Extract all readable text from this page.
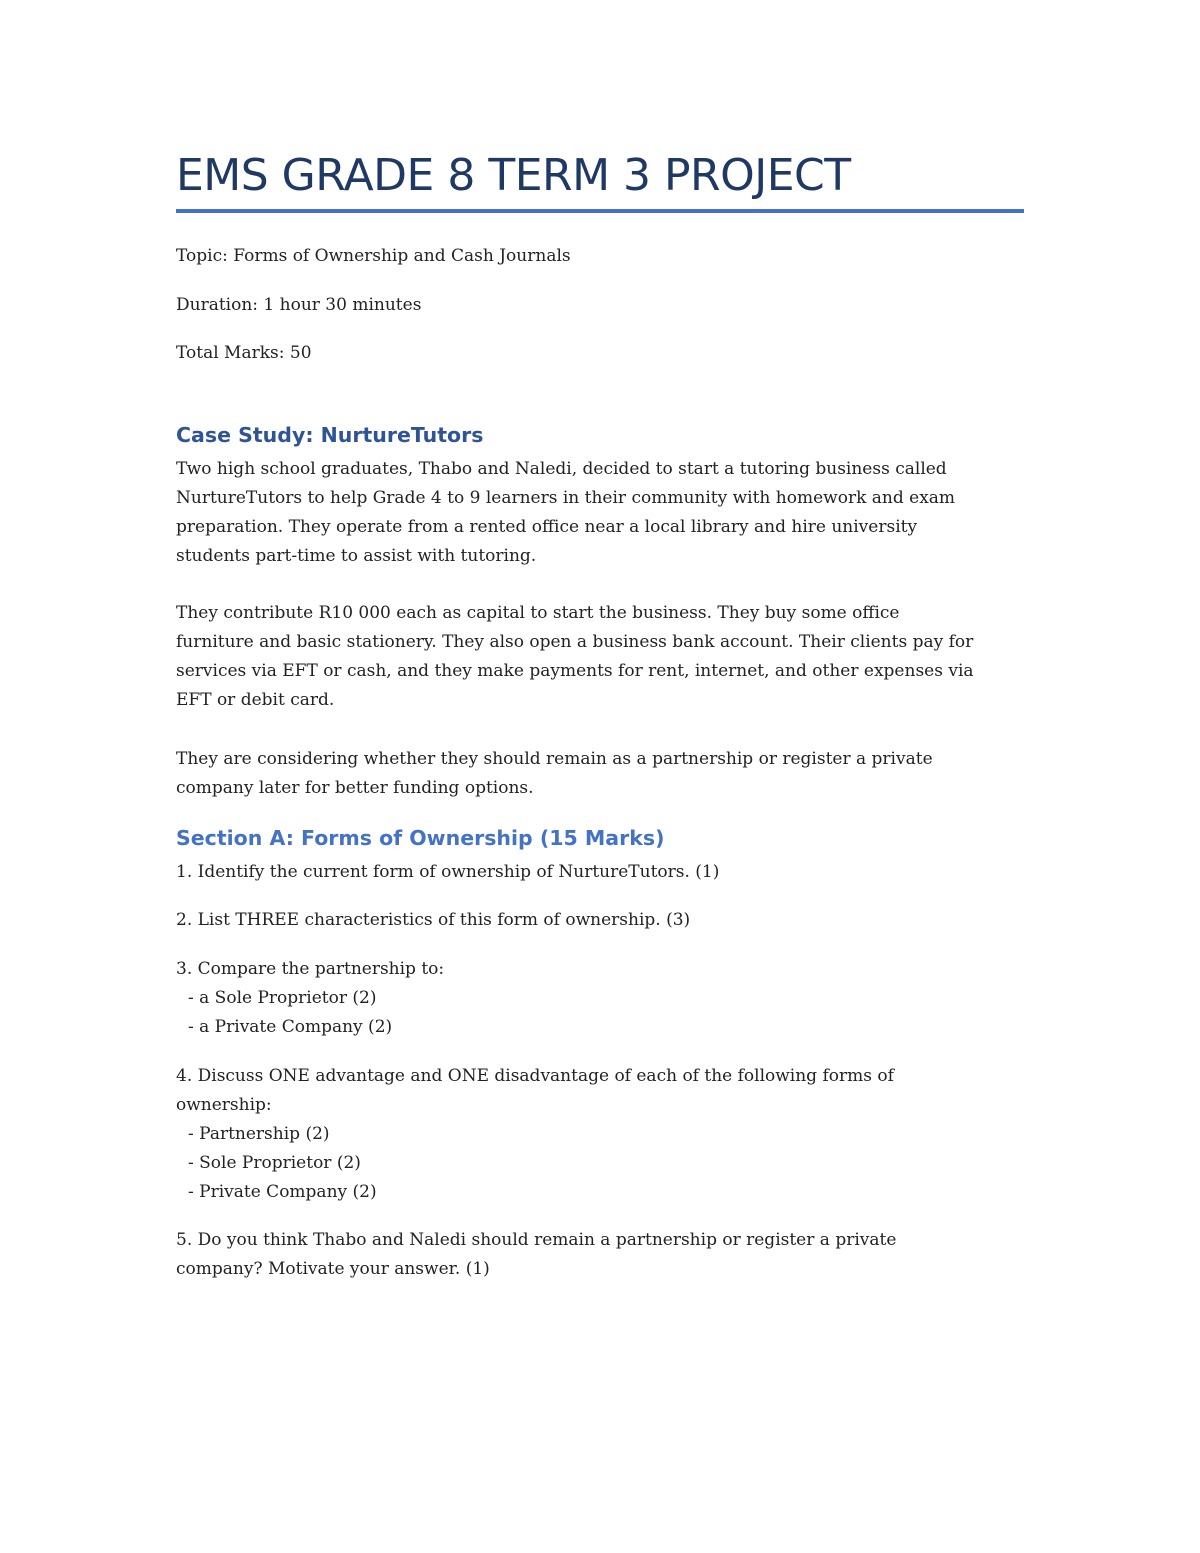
EMS GRADE 8 TERM 3 PROJECT

Topic: Forms of Ownership and Cash Journals

Duration: 1 hour 30 minutes

Total Marks: 50

Case Study: NurtureTutors
Two high school graduates, Thabo and Naledi, decided to start a tutoring business called
NurtureTutors to help Grade 4 to 9 learners in their community with homework and exam
preparation. They operate from a rented office near a local library and hire university
students part-time to assist with tutoring.
They contribute R10 000 each as capital to start the business. They buy some office
furniture and basic stationery. They also open a business bank account. Their clients pay for
services via EFT or cash, and they make payments for rent, internet, and other expenses via
EFT or debit card.
They are considering whether they should remain as a partnership or register a private
company later for better funding options.
Section A: Forms of Ownership (15 Marks)

1. Identify the current form of ownership of NurtureTutors. (1)

2. List THREE characteristics of this form of ownership. (3)

3. Compare the partnership to:
- a Sole Proprietor (2)
- a Private Company (2)
4. Discuss ONE advantage and ONE disadvantage of each of the following forms of
ownership:
- Partnership (2)
- Sole Proprietor (2)
- Private Company (2)
5. Do you think Thabo and Naledi should remain a partnership or register a private
company? Motivate your answer. (1)
